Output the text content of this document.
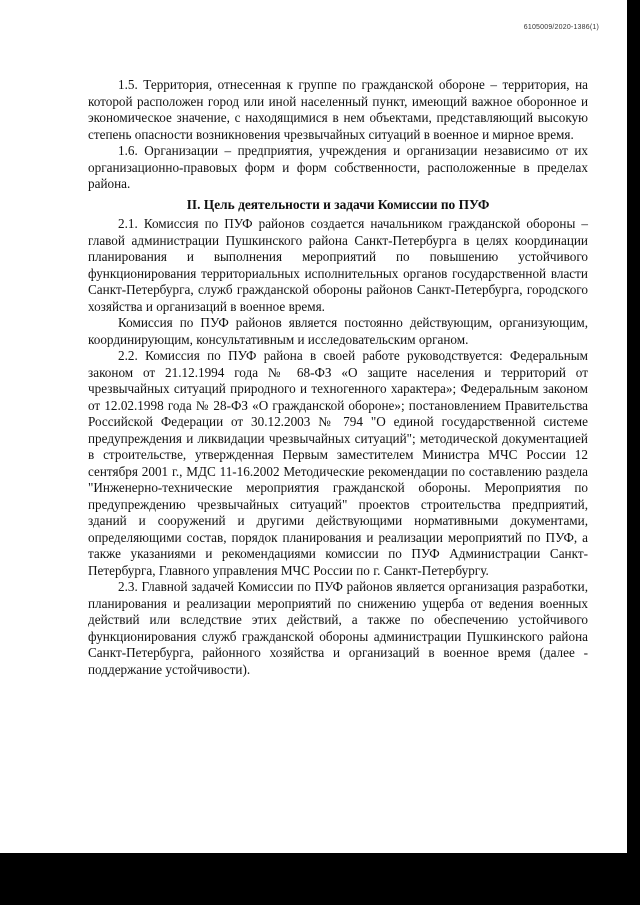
6105009/2020-1386(1)

1.5. Территория, отнесенная к группе по гражданской обороне – территория, на которой расположен город или иной населенный пункт, имеющий важное оборонное и экономическое значение, с находящимися в нем объектами, представляющий высокую степень опасности возникновения чрезвычайных ситуаций в военное и мирное время.

1.6. Организации – предприятия, учреждения и организации независимо от их организационно-правовых форм и форм собственности, расположенные в пределах района.

II. Цель деятельности и задачи Комиссии по ПУФ

2.1. Комиссия по ПУФ районов создается начальником гражданской обороны – главой администрации Пушкинского района Санкт-Петербурга в целях координации планирования и выполнения мероприятий по повышению устойчивого функционирования территориальных исполнительных органов государственной власти Санкт-Петербурга, служб гражданской обороны районов Санкт-Петербурга, городского хозяйства и организаций в военное время.

Комиссия по ПУФ районов является постоянно действующим, организующим, координирующим, консультативным и исследовательским органом.

2.2. Комиссия по ПУФ района в своей работе руководствуется: Федеральным законом от 21.12.1994 года № 68-ФЗ «О защите населения и территорий от чрезвычайных ситуаций природного и техногенного характера»; Федеральным законом от 12.02.1998 года № 28-ФЗ «О гражданской обороне»; постановлением Правительства Российской Федерации от 30.12.2003 № 794 "О единой государственной системе предупреждения и ликвидации чрезвычайных ситуаций"; методической документацией в строительстве, утвержденная Первым заместителем Министра МЧС России 12 сентября 2001 г., МДС 11-16.2002 Методические рекомендации по составлению раздела "Инженерно-технические мероприятия гражданской обороны. Мероприятия по предупреждению чрезвычайных ситуаций" проектов строительства предприятий, зданий и сооружений и другими действующими нормативными документами, определяющими состав, порядок планирования и реализации мероприятий по ПУФ, а также указаниями и рекомендациями комиссии по ПУФ Администрации Санкт-Петербурга, Главного управления МЧС России по г. Санкт-Петербургу.

2.3. Главной задачей Комиссии по ПУФ районов является организация разработки, планирования и реализации мероприятий по снижению ущерба от ведения военных действий или вследствие этих действий, а также по обеспечению устойчивого функционирования служб гражданской обороны администрации Пушкинского района Санкт-Петербурга, районного хозяйства и организаций в военное время (далее - поддержание устойчивости).
